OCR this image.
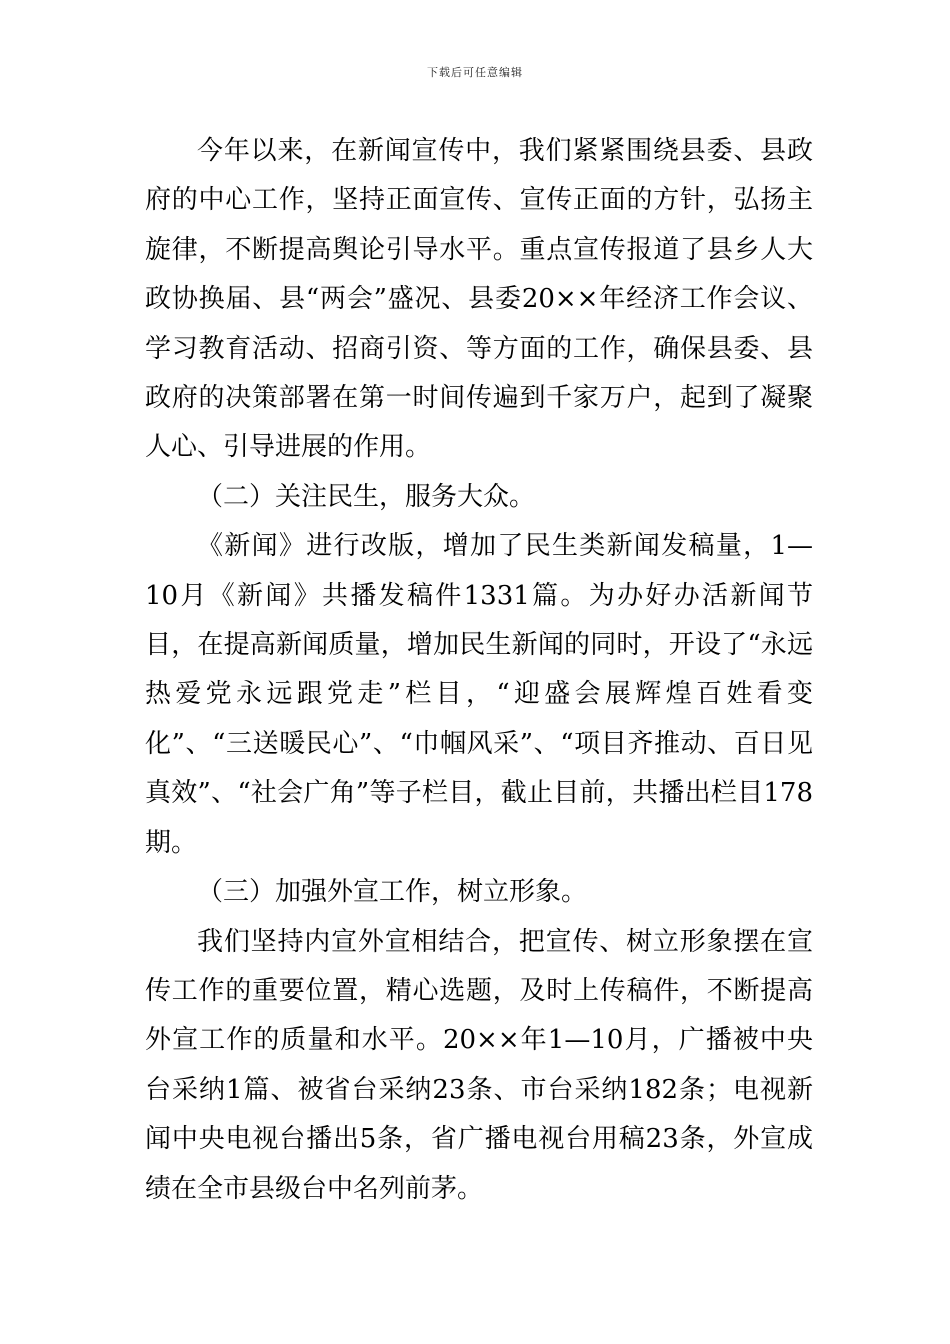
下载后可任意编辑

今年以来，在新闻宣传中，我们紧紧围绕县委、县政府的中心工作，坚持正面宣传、宣传正面的方针，弘扬主旋律，不断提高舆论引导水平。重点宣传报道了县乡人大政协换届、县“两会”盛况、县委20××年经济工作会议、学习教育活动、招商引资、等方面的工作，确保县委、县政府的决策部署在第一时间传遍到千家万户，起到了凝聚人心、引导进展的作用。

（二）关注民生，服务大众。

《新闻》进行改版，增加了民生类新闻发稿量，1—10月《新闻》共播发稿件1331篇。为办好办活新闻节目，在提高新闻质量，增加民生新闻的同时，开设了“永远热爱党永远跟党走”栏目，“迎盛会展辉煌百姓看变化”、“三送暖民心”、“巾帼风采”、“项目齐推动、百日见真效”、“社会广角”等子栏目，截止目前，共播出栏目178期。

（三）加强外宣工作，树立形象。

我们坚持内宣外宣相结合，把宣传、树立形象摆在宣传工作的重要位置，精心选题，及时上传稿件，不断提高外宣工作的质量和水平。20××年1—10月，广播被中央台采纳1篇、被省台采纳23条、市台采纳182条；电视新闻中央电视台播出5条，省广播电视台用稿23条，外宣成绩在全市县级台中名列前茅。
